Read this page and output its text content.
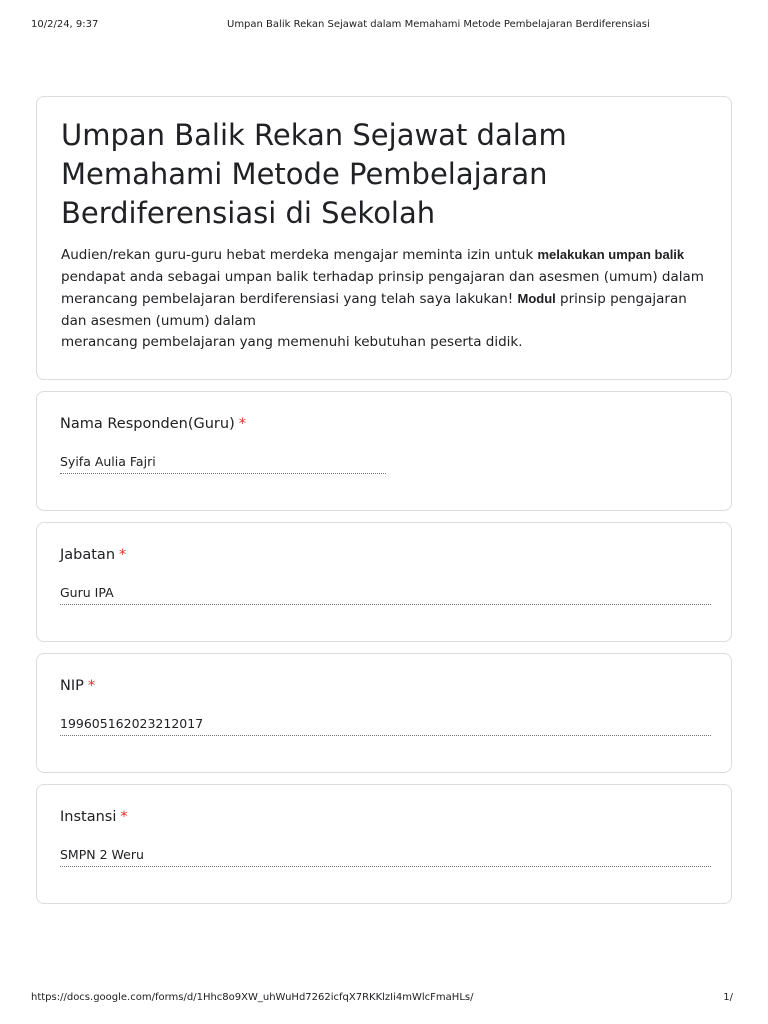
10/2/24, 9:37	Umpan Balik Rekan Sejawat dalam Memahami Metode Pembelajaran Berdiferensiasi
Umpan Balik Rekan Sejawat dalam Memahami Metode Pembelajaran Berdiferensiasi di Sekolah
Audien/rekan guru-guru hebat merdeka mengajar meminta izin untuk melakukan umpan balik pendapat anda sebagai umpan balik terhadap prinsip pengajaran dan asesmen (umum) dalam merancang pembelajaran berdiferensiasi yang telah saya lakukan! Modul prinsip pengajaran dan asesmen (umum) dalam
merancang pembelajaran yang memenuhi kebutuhan peserta didik.
Nama Responden(Guru) *
Syifa Aulia Fajri
Jabatan *
Guru IPA
NIP *
199605162023212017
Instansi *
SMPN 2 Weru
https://docs.google.com/forms/d/1Hhc8o9XW_uhWuHd7262icfqX7RKKlzIi4mWlcFmaHLs/	1/
